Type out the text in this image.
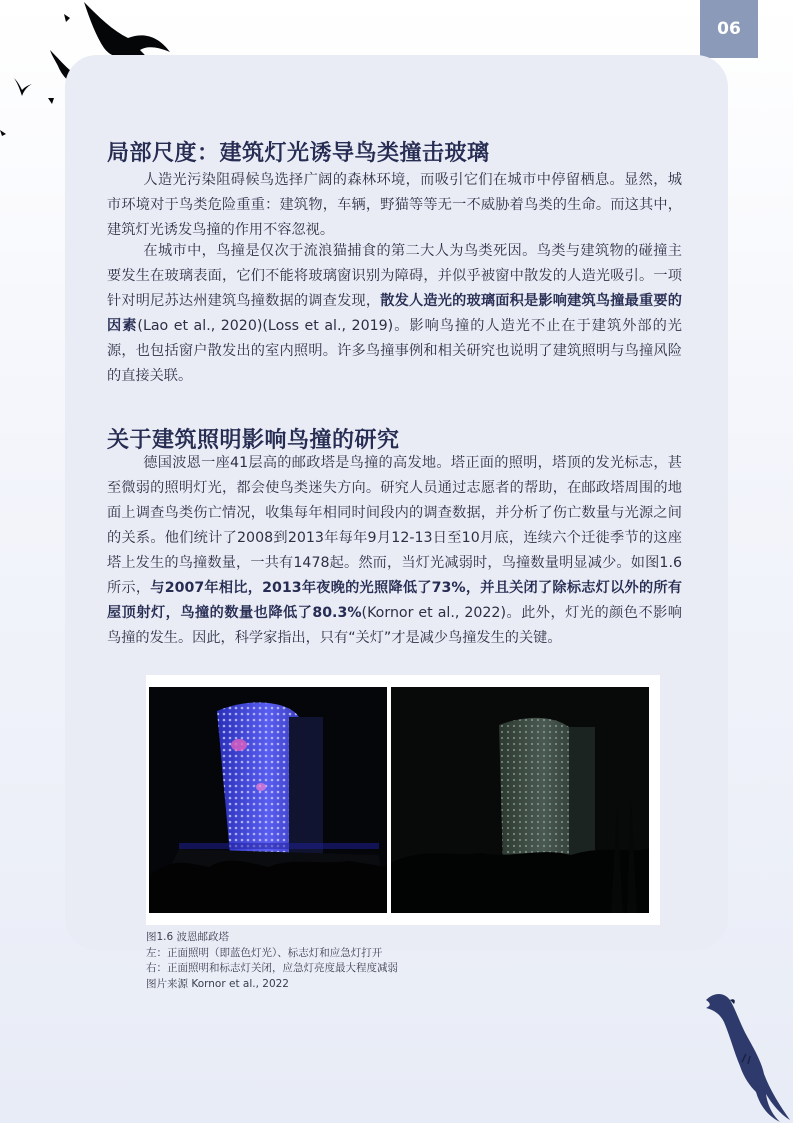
06
局部尺度：建筑灯光诱导鸟类撞击玻璃

人造光污染阻碍候鸟选择广阔的森林环境，而吸引它们在城市中停留栖息。显然，城市环境对于鸟类危险重重：建筑物，车辆，野猫等等无一不威胁着鸟类的生命。而这其中，建筑灯光诱发鸟撞的作用不容忽视。

在城市中，鸟撞是仅次于流浪猫捕食的第二大人为鸟类死因。鸟类与建筑物的碰撞主要发生在玻璃表面，它们不能将玻璃窗识别为障碍，并似乎被窗中散发的人造光吸引。一项针对明尼苏达州建筑鸟撞数据的调查发现，散发人造光的玻璃面积是影响建筑鸟撞最重要的因素(Lao et al., 2020)(Loss et al., 2019)。影响鸟撞的人造光不止在于建筑外部的光源，也包括窗户散发出的室内照明。许多鸟撞事例和相关研究也说明了建筑照明与鸟撞风险的直接关联。

关于建筑照明影响鸟撞的研究

德国波恩一座41层高的邮政塔是鸟撞的高发地。塔正面的照明，塔顶的发光标志，甚至微弱的照明灯光，都会使鸟类迷失方向。研究人员通过志愿者的帮助，在邮政塔周围的地面上调查鸟类伤亡情况，收集每年相同时间段内的调查数据，并分析了伤亡数量与光源之间的关系。他们统计了2008到2013年每年9月12-13日至10月底，连续六个迁徙季节的这座塔上发生的鸟撞数量，一共有1478起。然而，当灯光减弱时，鸟撞数量明显减少。如图1.6所示，与2007年相比，2013年夜晚的光照降低了73%，并且关闭了除标志灯以外的所有屋顶射灯，鸟撞的数量也降低了80.3%(Kornor et al., 2022)。此外，灯光的颜色不影响鸟撞的发生。因此，科学家指出，只有“关灯”才是减少鸟撞发生的关键。

图1.6 波恩邮政塔
左：正面照明（即蓝色灯光）、标志灯和应急灯打开
右：正面照明和标志灯关闭，应急灯亮度最大程度减弱
图片来源 Kornor et al., 2022
